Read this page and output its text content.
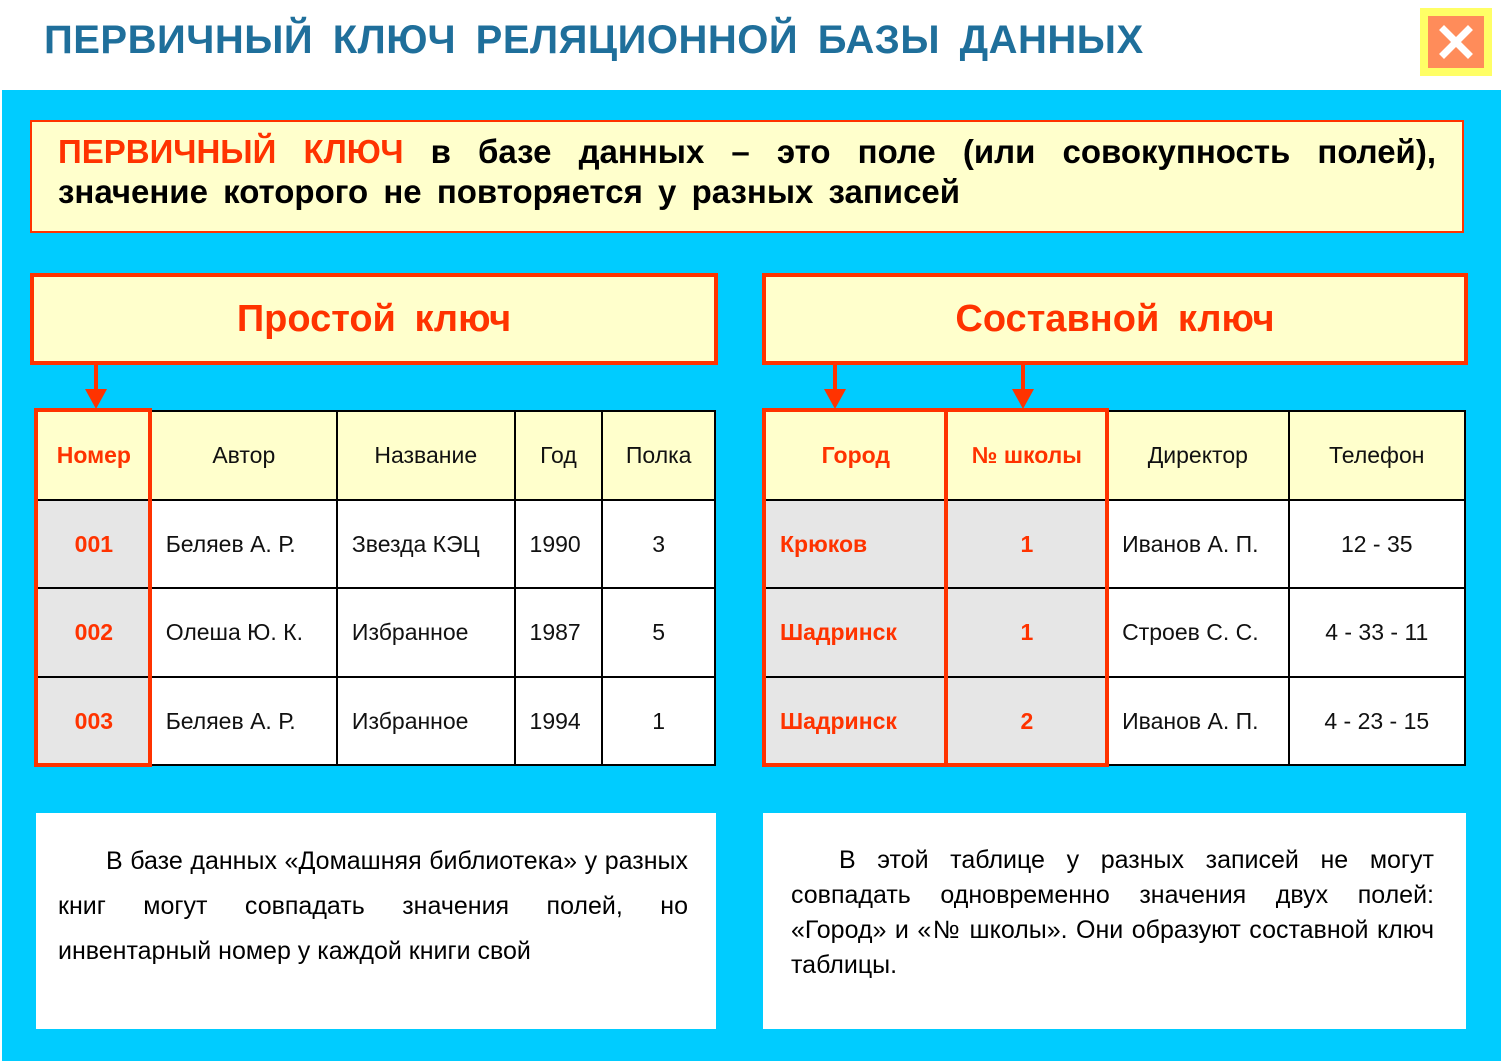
ПЕРВИЧНЫЙ КЛЮЧ РЕЛЯЦИОННОЙ БАЗЫ ДАННЫХ
ПЕРВИЧНЫЙ КЛЮЧ в базе данных – это поле (или совокупность полей), значение которого не повторяется у разных записей
Простой ключ
Номер	Автор	Название	Год	Полка
001	Беляев А. Р.	Звезда КЭЦ	1990	3
002	Олеша Ю. К.	Избранное	1987	5
003	Беляев А. Р.	Избранное	1994	1
В базе данных «Домашняя библиотека» у разных книг могут совпадать значения полей, но инвентарный номер у каждой книги свой
Составной ключ
Город	№ школы	Директор	Телефон
Крюков	1	Иванов А. П.	12 - 35
Шадринск	1	Строев С. С.	4 - 33 - 11
Шадринск	2	Иванов А. П.	4 - 23 - 15
В этой таблице у разных записей не могут совпадать одновременно значения двух полей: «Город» и «№ школы». Они образуют составной ключ таблицы.
